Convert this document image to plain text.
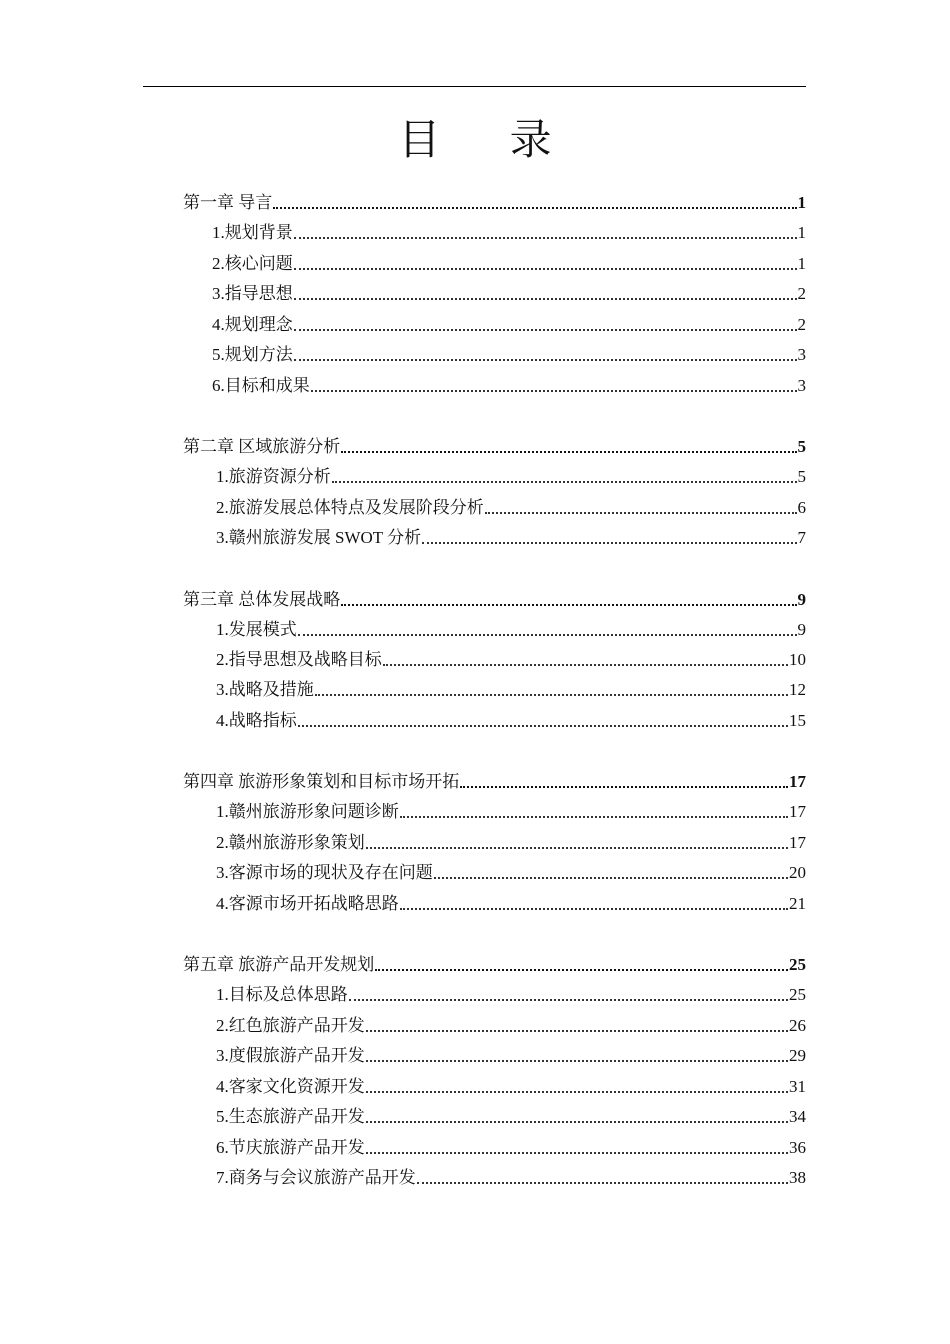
目 录
第一章 导言	1
1.规划背景	1
2.核心问题	1
3.指导思想	2
4.规划理念	2
5.规划方法	3
6.目标和成果	3
第二章 区域旅游分析	5
1.旅游资源分析	5
2.旅游发展总体特点及发展阶段分析	6
3.赣州旅游发展 SWOT 分析	7
第三章 总体发展战略	9
1.发展模式	9
2.指导思想及战略目标	10
3.战略及措施	12
4.战略指标	15
第四章 旅游形象策划和目标市场开拓	17
1.赣州旅游形象问题诊断	17
2.赣州旅游形象策划	17
3.客源市场的现状及存在问题	20
4.客源市场开拓战略思路	21
第五章 旅游产品开发规划	25
1.目标及总体思路	25
2.红色旅游产品开发	26
3.度假旅游产品开发	29
4.客家文化资源开发	31
5.生态旅游产品开发	34
6.节庆旅游产品开发	36
7.商务与会议旅游产品开发	38
